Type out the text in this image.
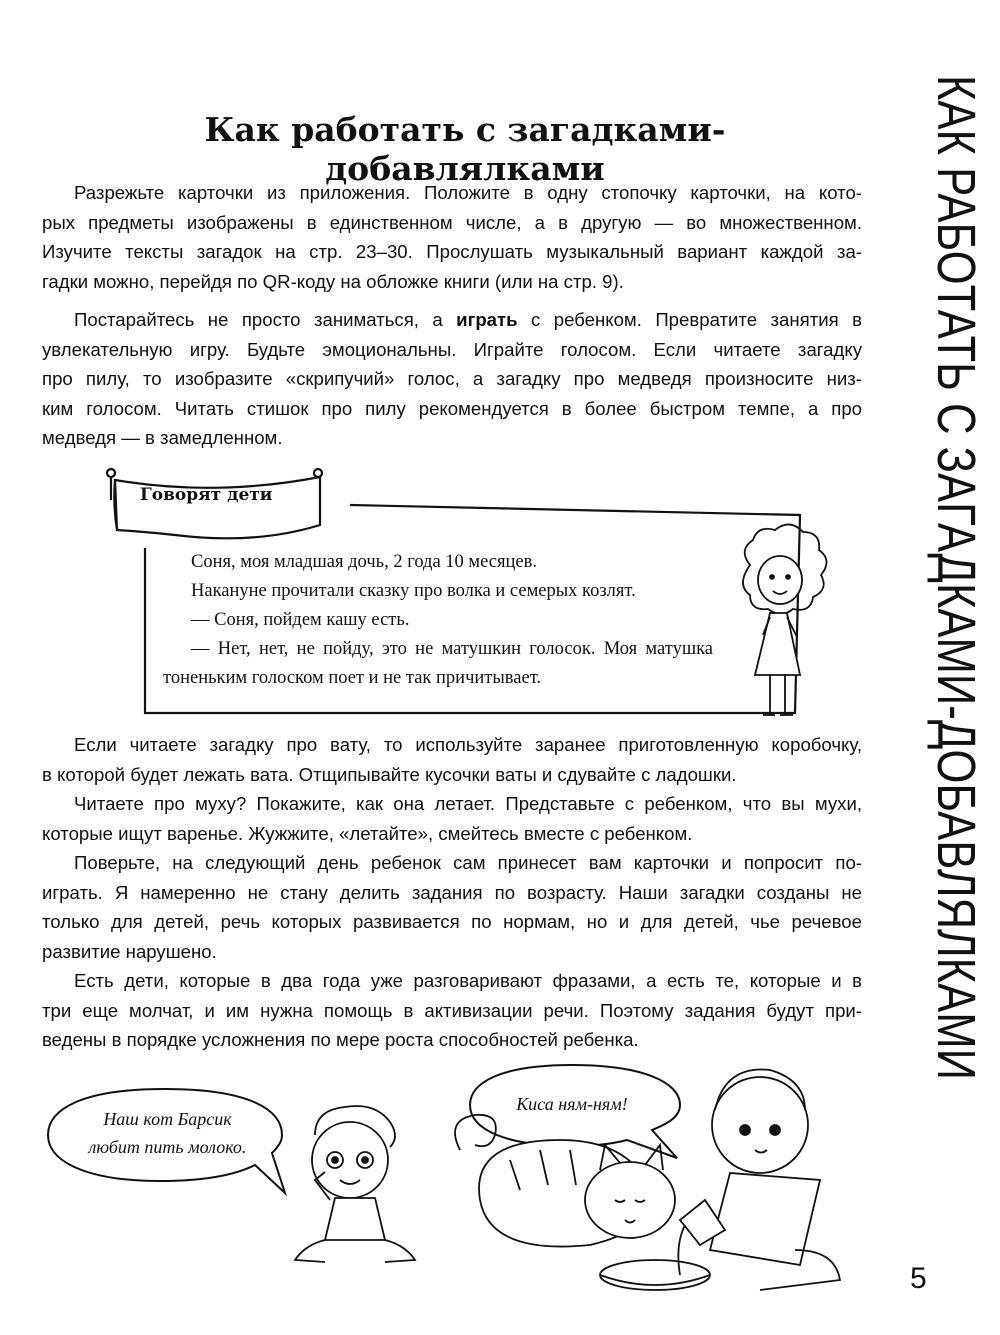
КАК РАБОТАТЬ С ЗАГАДКАМИ-ДОБАВЛЯЛКАМИ
Как работать с загадками-добавлялками

Разрежьте карточки из приложения. Положите в одну стопочку карточки, на кото-

рых предметы изображены в единственном числе, а в другую — во множественном.
Изучите тексты загадок на стр. 23–30. Прослушать музыкальный вариант каждой за-
гадки можно, перейдя по QR-коду на обложке книги (или на стр. 9).

Постарайтесь не просто заниматься, а играть с ребенком. Превратите занятия в

увлекательную игру. Будьте эмоциональны. Играйте голосом. Если читаете загадку
про пилу, то изобразите «скрипучий» голос, а загадку про медведя произносите низ-
ким голосом. Читать стишок про пилу рекомендуется в более быстром темпе, а про
медведя — в замедленном.
Говорят дети
Соня, моя младшая дочь, 2 года 10 месяцев.
Накануне прочитали сказку про волка и семерых козлят.
— Соня, пойдем кашу есть.
— Нет, нет, не пойду, это не матушкин голосок. Моя матушка тоненьким голоском поет и не так причитывает.

Если читаете загадку про вату, то используйте заранее приготовленную коробочку,

в которой будет лежать вата. Отщипывайте кусочки ваты и сдувайте с ладошки.

Читаете про муху? Покажите, как она летает. Представьте с ребенком, что вы мухи,

которые ищут варенье. Жужжите, «летайте», смейтесь вместе с ребенком.

Поверьте, на следующий день ребенок сам принесет вам карточки и попросит по-

играть. Я намеренно не стану делить задания по возрасту. Наши загадки созданы не
только для детей, речь которых развивается по нормам, но и для детей, чье речевое
развитие нарушено.

Есть дети, которые в два года уже разговаривают фразами, а есть те, которые и в

три еще молчат, и им нужна помощь в активизации речи. Поэтому задания будут при-
ведены в порядке усложнения по мере роста способностей ребенка.
Наш кот Барсик
любит пить молоко.
Киса ням-ням!
5
